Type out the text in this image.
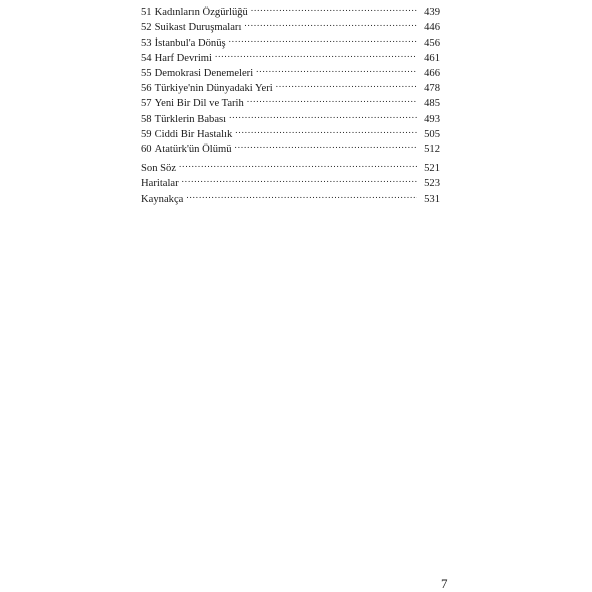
51 Kadınların Özgürlüğü .....	439
52 Suikast Duruşmaları .....	446
53 İstanbul'a Dönüş .....	456
54 Harf Devrimi .....	461
55 Demokrasi Denemeleri .....	466
56 Türkiye'nin Dünyadaki Yeri .....	478
57 Yeni Bir Dil ve Tarih .....	485
58 Türklerin Babası .....	493
59 Ciddi Bir Hastalık .....	505
60 Atatürk'ün Ölümü .....	512
Son Söz .....	521
Haritalar .....	523
Kaynakça .....	531
7
